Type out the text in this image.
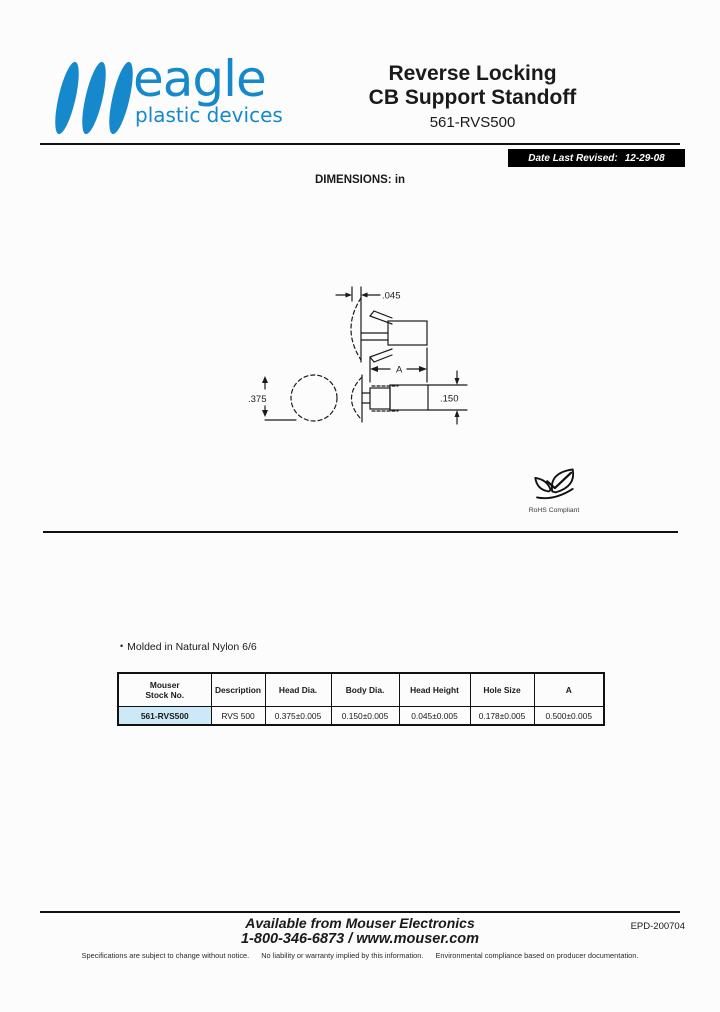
eagle
plastic devices
Reverse Locking
CB Support Standoff
561-RVS500
Date Last Revised: 12-29-08
DIMENSIONS: in
.045
A
.375	.150
RoHS Compliant
• Molded in Natural Nylon 6/6
Mouser Stock No.	Description	Head Dia.	Body Dia.	Head Height	Hole Size	A
561-RVS500	RVS 500	0.375±0.005	0.150±0.005	0.045±0.005	0.178±0.005	0.500±0.005
Available from Mouser Electronics
1-800-346-6873 / www.mouser.com
EPD-200704
Specifications are subject to change without notice. No liability or warranty implied by this information. Environmental compliance based on producer documentation.
